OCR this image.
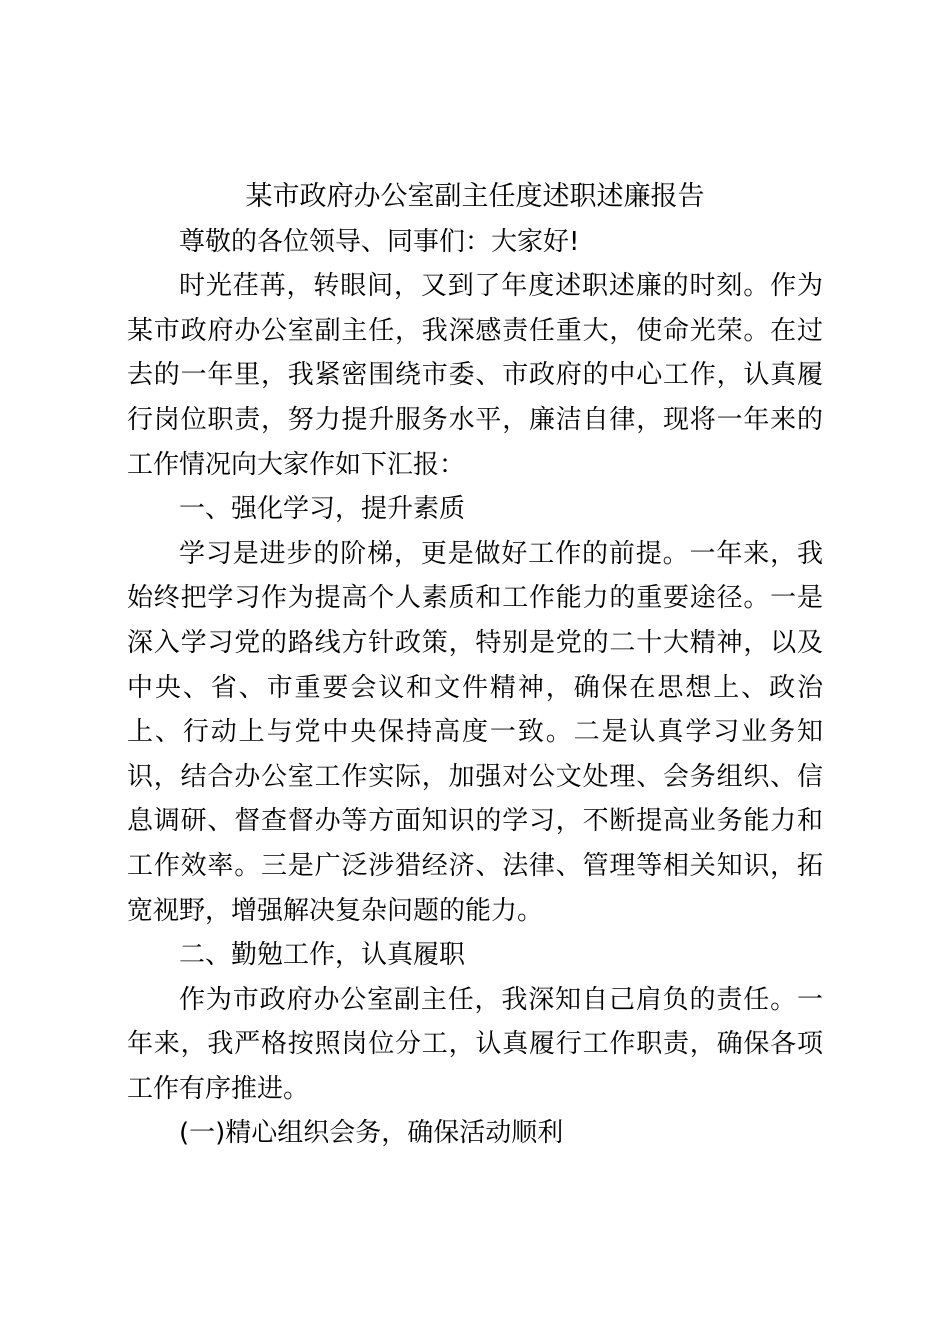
某市政府办公室副主任度述职述廉报告

尊敬的各位领导、同事们：大家好!

时光荏苒，转眼间，又到了年度述职述廉的时刻。作为某市政府办公室副主任，我深感责任重大，使命光荣。在过去的一年里，我紧密围绕市委、市政府的中心工作，认真履行岗位职责，努力提升服务水平，廉洁自律，现将一年来的工作情况向大家作如下汇报：

一、强化学习，提升素质

学习是进步的阶梯，更是做好工作的前提。一年来，我始终把学习作为提高个人素质和工作能力的重要途径。一是深入学习党的路线方针政策，特别是党的二十大精神，以及中央、省、市重要会议和文件精神，确保在思想上、政治上、行动上与党中央保持高度一致。二是认真学习业务知识，结合办公室工作实际，加强对公文处理、会务组织、信息调研、督查督办等方面知识的学习，不断提高业务能力和工作效率。三是广泛涉猎经济、法律、管理等相关知识，拓宽视野，增强解决复杂问题的能力。

二、勤勉工作，认真履职

作为市政府办公室副主任，我深知自己肩负的责任。一年来，我严格按照岗位分工，认真履行工作职责，确保各项工作有序推进。

(一)精心组织会务，确保活动顺利
